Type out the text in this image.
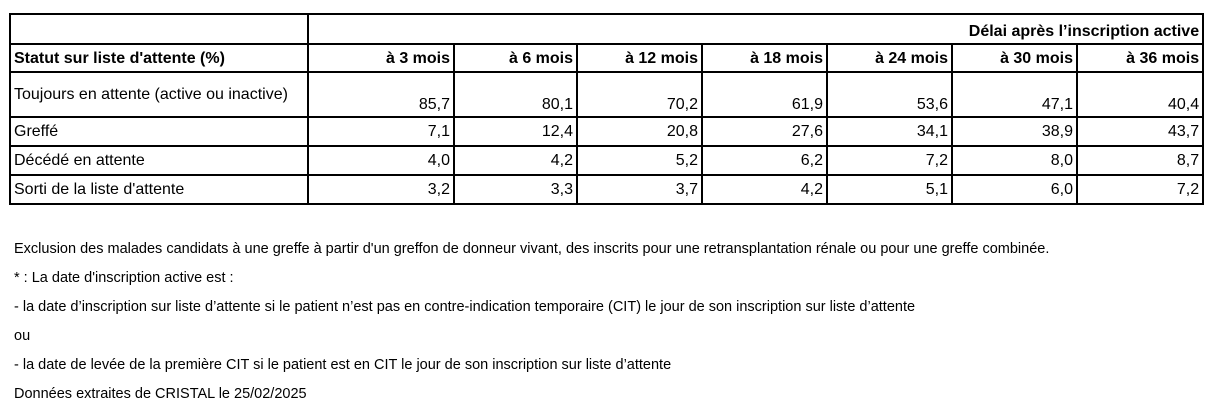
	Délai après l’inscription active						
Statut sur liste d'attente (%)	à 3 mois	à 6 mois	à 12 mois	à 18 mois	à 24 mois	à 30 mois	à 36 mois
Toujours en attente (active ou inactive)	85,7	80,1	70,2	61,9	53,6	47,1	40,4
Greffé	7,1	12,4	20,8	27,6	34,1	38,9	43,7
Décédé en attente	4,0	4,2	5,2	6,2	7,2	8,0	8,7
Sorti de la liste d'attente	3,2	3,3	3,7	4,2	5,1	6,0	7,2
Exclusion des malades candidats à une greffe à partir d'un greffon de donneur vivant, des inscrits pour une retransplantation rénale ou pour une greffe combinée.
* : La date d'inscription active est :
- la date d’inscription sur liste d’attente si le patient n’est pas en contre-indication temporaire (CIT) le jour de son inscription sur liste d’attente
ou
- la date de levée de la première CIT si le patient est en CIT le jour de son inscription sur liste d’attente
Données extraites de CRISTAL le 25/02/2025
